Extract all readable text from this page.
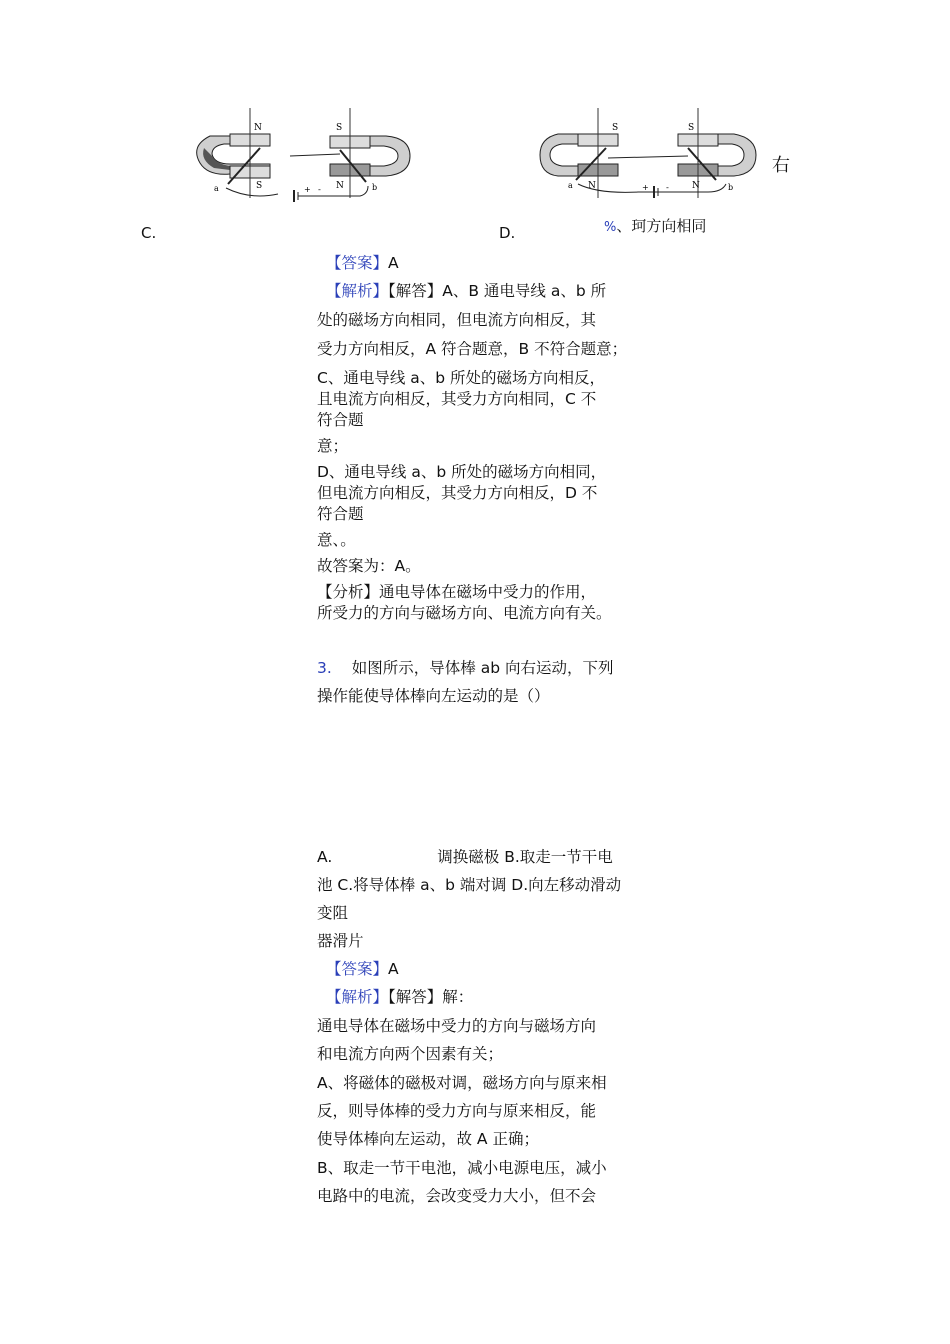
N
S
a
S
N	b
+ -
C.
S
N
a
S
N	b
+ -
右
D.	%、珂方向相同
【答案】A
【解析】【解答】A、B 通电导线 a、b 所
处的磁场方向相同，但电流方向相反，其
受力方向相反，A 符合题意，B 不符合题意；
C、通电导线 a、b 所处的磁场方向相反，
且电流方向相反，其受力方向相同，C 不
符合题
意；
D、通电导线 a、b 所处的磁场方向相同，
但电流方向相反，其受力方向相反，D 不
符合题
意、。
故答案为：A。
【分析】通电导体在磁场中受力的作用，
所受力的方向与磁场方向、电流方向有关。
3. 如图所示，导体棒 ab 向右运动，下列
操作能使导体棒向左运动的是（）
A.	调换磁极 B.取走一节干电
池 C.将导体棒 a、b 端对调 D.向左移动滑动
变阻
器滑片
【答案】A
【解析】【解答】解：
通电导体在磁场中受力的方向与磁场方向
和电流方向两个因素有关；
A、将磁体的磁极对调，磁场方向与原来相
反，则导体棒的受力方向与原来相反，能
使导体棒向左运动，故 A 正确；
B、取走一节干电池，减小电源电压，减小
电路中的电流，会改变受力大小，但不会
